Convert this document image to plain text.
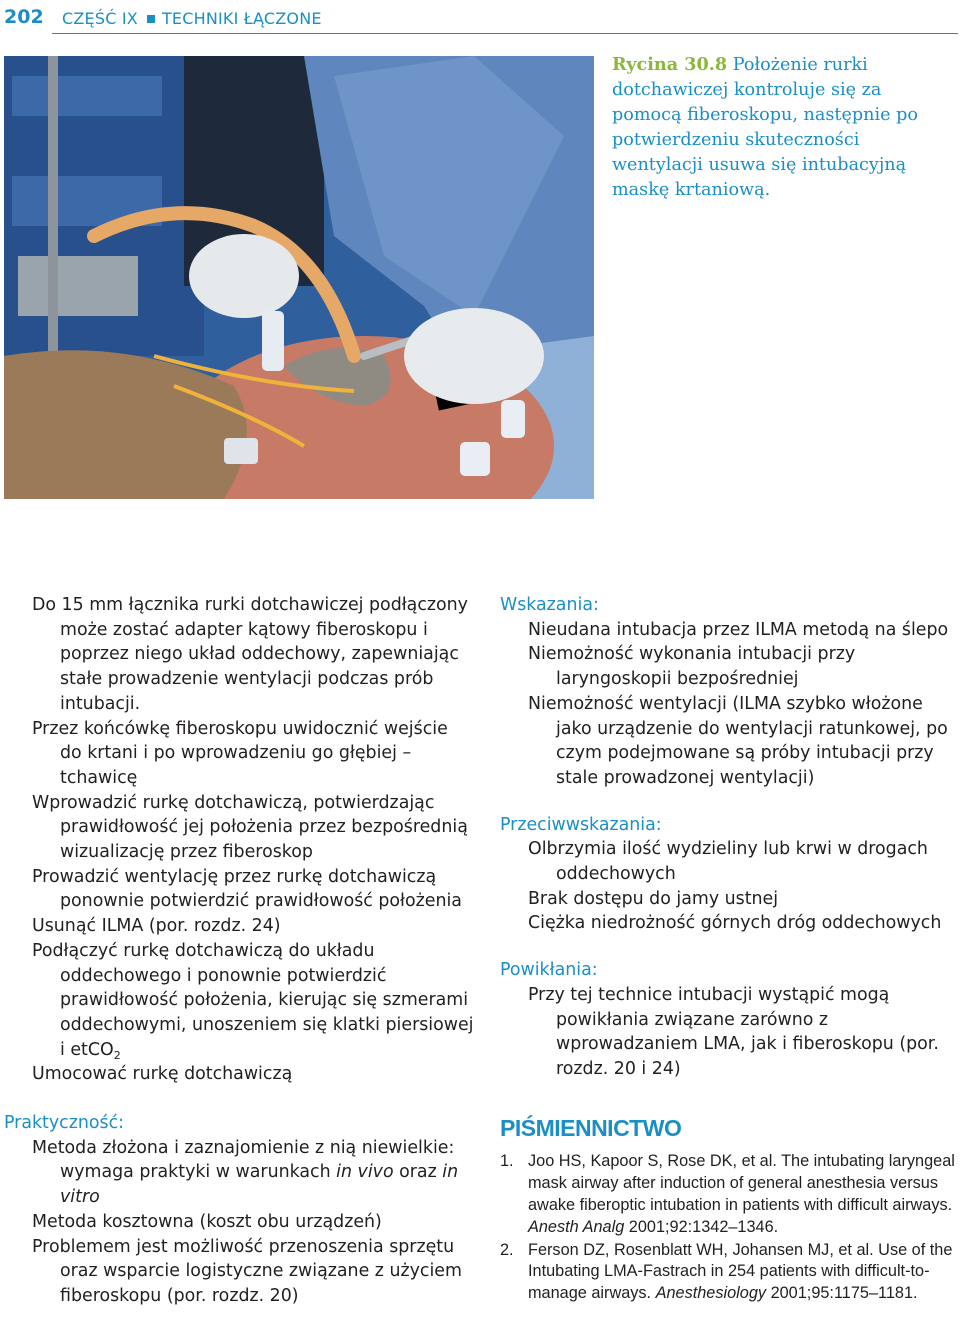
202 CZĘŚĆ IX TECHNIKI ŁĄCZONE
Rycina 30.8 Położenie rurki dotchawiczej kontroluje się za pomocą fiberoskopu, następnie po potwierdzeniu skuteczności wentylacji usuwa się intubacyjną maskę krtaniową.
Do 15 mm łącznika rurki dotchawiczej podłączony może zostać adapter kątowy fiberoskopu i poprzez niego układ oddechowy, zapewniając stałe prowadzenie wentylacji podczas prób intubacji.
Przez końcówkę fiberoskopu uwidocznić wejście do krtani i po wprowadzeniu go głębiej – tchawicę
Wprowadzić rurkę dotchawiczą, potwierdzając prawidłowość jej położenia przez bezpośrednią wizualizację przez fiberoskop
Prowadzić wentylację przez rurkę dotchawiczą ponownie potwierdzić prawidłowość położenia
Usunąć ILMA (por. rozdz. 24)
Podłączyć rurkę dotchawiczą do układu oddechowego i ponownie potwierdzić prawidłowość położenia, kierując się szmerami oddechowymi, unoszeniem się klatki piersiowej i etCO$_2$
Umocować rurkę dotchawiczą
Praktyczność:
Metoda złożona i zaznajomienie z nią niewielkie: wymaga praktyki w warunkach in vivo oraz in vitro
Metoda kosztowna (koszt obu urządzeń)
Problemem jest możliwość przenoszenia sprzętu oraz wsparcie logistyczne związane z użyciem fiberoskopu (por. rozdz. 20)
Wskazania:
Nieudana intubacja przez ILMA metodą na ślepo
Niemożność wykonania intubacji przy laryngoskopii bezpośredniej
Niemożność wentylacji (ILMA szybko włożone jako urządzenie do wentylacji ratunkowej, po czym podejmowane są próby intubacji przy stale prowadzonej wentylacji)
Przeciwwskazania:
Olbrzymia ilość wydzieliny lub krwi w drogach oddechowych
Brak dostępu do jamy ustnej
Ciężka niedrożność górnych dróg oddechowych
Powikłania:
Przy tej technice intubacji wystąpić mogą powikłania związane zarówno z wprowadzaniem LMA, jak i fiberoskopu (por. rozdz. 20 i 24)
PIŚMIENNICTWO
1. Joo HS, Kapoor S, Rose DK, et al. The intubating laryngeal mask airway after induction of general anesthesia versus awake fiberoptic intubation in patients with difficult airways. Anesth Analg 2001;92:1342–1346.
2. Ferson DZ, Rosenblatt WH, Johansen MJ, et al. Use of the Intubating LMA-Fastrach in 254 patients with difficult-to-manage airways. Anesthesiology 2001;95:1175–1181.
